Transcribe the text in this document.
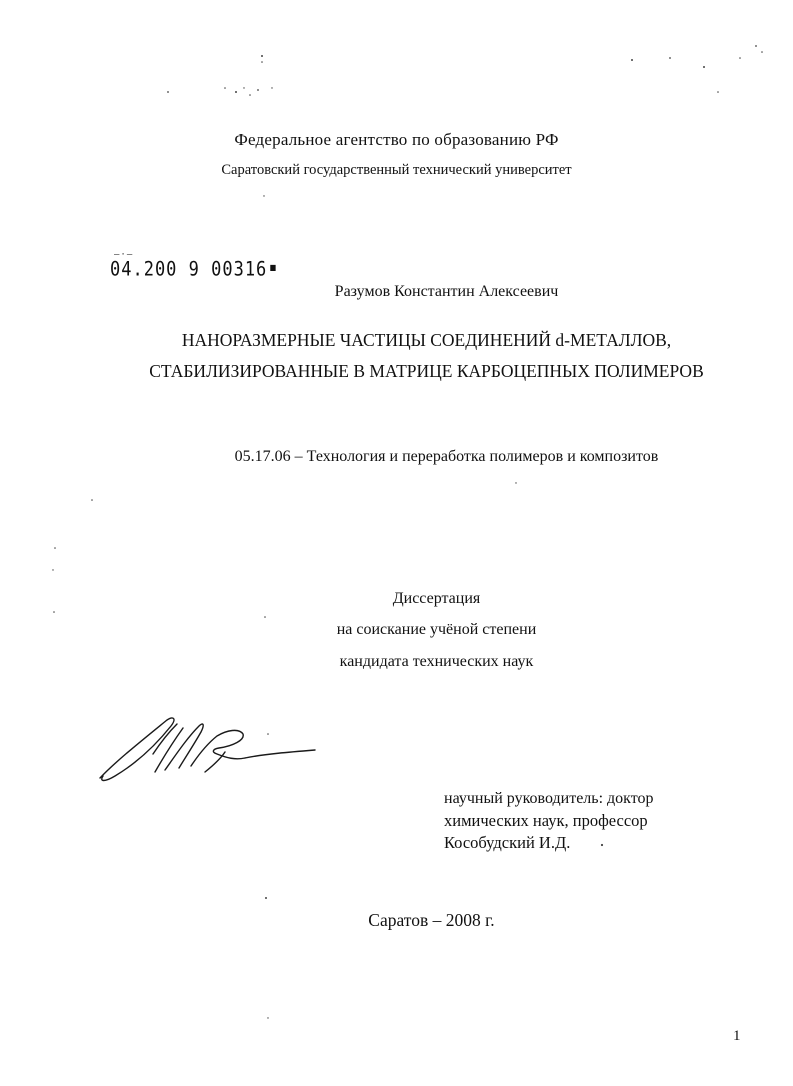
Федеральное агентство по образованию РФ
Саратовский государственный технический университет
—·—
04.200 9 00316 ■
Разумов Константин Алексеевич
НАНОРАЗМЕРНЫЕ ЧАСТИЦЫ СОЕДИНЕНИЙ d-МЕТАЛЛОВ,
СТАБИЛИЗИРОВАННЫЕ В МАТРИЦЕ КАРБОЦЕПНЫХ ПОЛИМЕРОВ
05.17.06 – Технология и переработка полимеров и композитов
Диссертация
на соискание учёной степени
кандидата технических наук
научный руководитель: доктор
химических наук, профессор
Кособудский И.Д.
Саратов – 2008 г.
1
